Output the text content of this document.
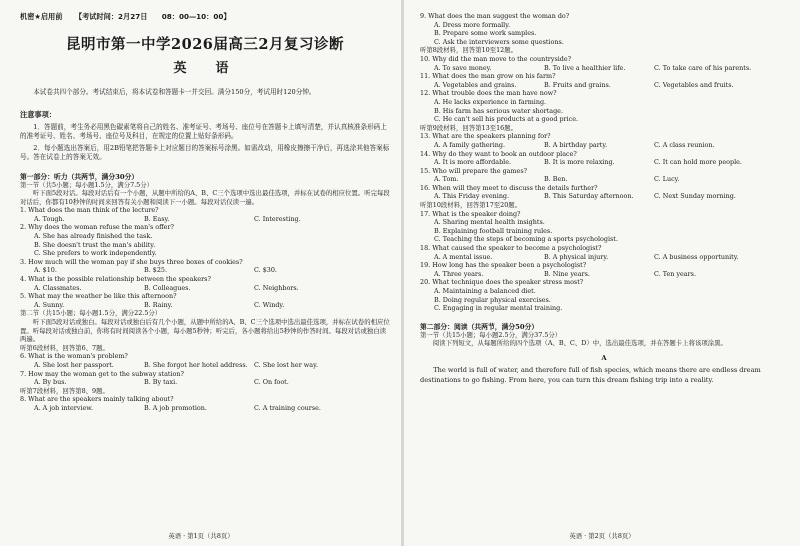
机密★启用前 【考试时间：2月27日　　08：00—10：00】
昆明市第一中学2026届高三2月复习诊断
英　语
本试卷共四个部分。考试结束后，将本试卷和答题卡一并交回。满分150分，考试用时120分钟。
注意事项：
1．答题前，考生务必用黑色碳素笔将自己的姓名、准考证号、考场号、座位号在答题卡上填写清楚，并认真核准条形码上的准考证号、姓名、考场号、座位号及科目，在规定的位置上贴好条形码。
2．每小题选出答案后，用2B铅笔把答题卡上对应题目的答案标号涂黑。如需改动，用橡皮擦擦干净后，再选涂其他答案标号。答在试卷上的答案无效。
第一部分：听力（共两节，满分30分）
第一节（共5小题；每小题1.5分，满分7.5分）
听下面5段对话。每段对话后有一个小题，从题中所给的A、B、C三个选项中选出最佳选项，并标在试卷的相应位置。听完每段对话后，你都有10秒钟的时间来回答有关小题和阅读下一小题。每段对话仅读一遍。
1. What does the man think of the lecture?
A. Tough.	B. Easy.	C. Interesting.
2. Why does the woman refuse the man's offer?
A. She has already finished the task.
B. She doesn't trust the man's ability.
C. She prefers to work independently.
3. How much will the woman pay if she buys three boxes of cookies?
A. $10.	B. $25.	C. $30.
4. What is the possible relationship between the speakers?
A. Classmates.	B. Colleagues.	C. Neighbors.
5. What may the weather be like this afternoon?
A. Sunny.	B. Rainy.	C. Windy.
第二节（共15小题；每小题1.5分，满分22.5分）
听下面5段对话或独白。每段对话或独白后有几个小题，从题中所给的A、B、C三个选项中选出最佳选项，并标在试卷的相应位置。听每段对话或独白前，你将有时间阅读各个小题，每小题5秒钟；听完后，各小题将给出5秒钟的作答时间。每段对话或独白读两遍。
听第6段材料，回答第6、7题。
6. What is the woman's problem?
A. She lost her passport.	B. She forgot her hotel address. C. She lost her way.
7. How may the woman get to the subway station?
A. By bus.	B. By taxi.	C. On foot.
听第7段材料，回答第8、9题。
8. What are the speakers mainly talking about?
A. A job interview.	B. A job promotion.	C. A training course.
英语 · 第1页（共8页）
9. What does the man suggest the woman do?
A. Dress more formally.
B. Prepare some work samples.
C. Ask the interviewers some questions.
听第8段材料，回答第10至12题。
10. Why did the man move to the countryside?
A. To save money.	B. To live a healthier life.	C. To take care of his parents.
11. What does the man grow on his farm?
A. Vegetables and grains.	B. Fruits and grains.	C. Vegetables and fruits.
12. What trouble does the man have now?
A. He lacks experience in farming.
B. His farm has serious water shortage.
C. He can't sell his products at a good price.
听第9段材料，回答第13至16题。
13. What are the speakers planning for?
A. A family gathering.	B. A birthday party.	C. A class reunion.
14. Why do they want to book an outdoor place?
A. It is more affordable.	B. It is more relaxing.	C. It can hold more people.
15. Who will prepare the games?
A. Tom.	B. Ben.	C. Lucy.
16. When will they meet to discuss the details further?
A. This Friday evening.	B. This Saturday afternoon.	C. Next Sunday morning.
听第10段材料，回答第17至20题。
17. What is the speaker doing?
A. Sharing mental health insights.
B. Explaining football training rules.
C. Teaching the steps of becoming a sports psychologist.
18. What caused the speaker to become a psychologist?
A. A mental issue.	B. A physical injury.	C. A business opportunity.
19. How long has the speaker been a psychologist?
A. Three years.	B. Nine years.	C. Ten years.
20. What technique does the speaker stress most?
A. Maintaining a balanced diet.
B. Doing regular physical exercises.
C. Engaging in regular mental training.
第二部分：阅读（共两节，满分50分）
第一节（共15小题；每小题2.5分，满分37.5分）
阅读下列短文，从每题所给的四个选项（A、B、C、D）中，选出最佳选项，并在答题卡上将该项涂黑。
A
The world is full of water, and therefore full of fish species, which means there are endless dream destinations to go fishing. From here, you can turn this dream fishing trip into a reality.
英语 · 第2页（共8页）
